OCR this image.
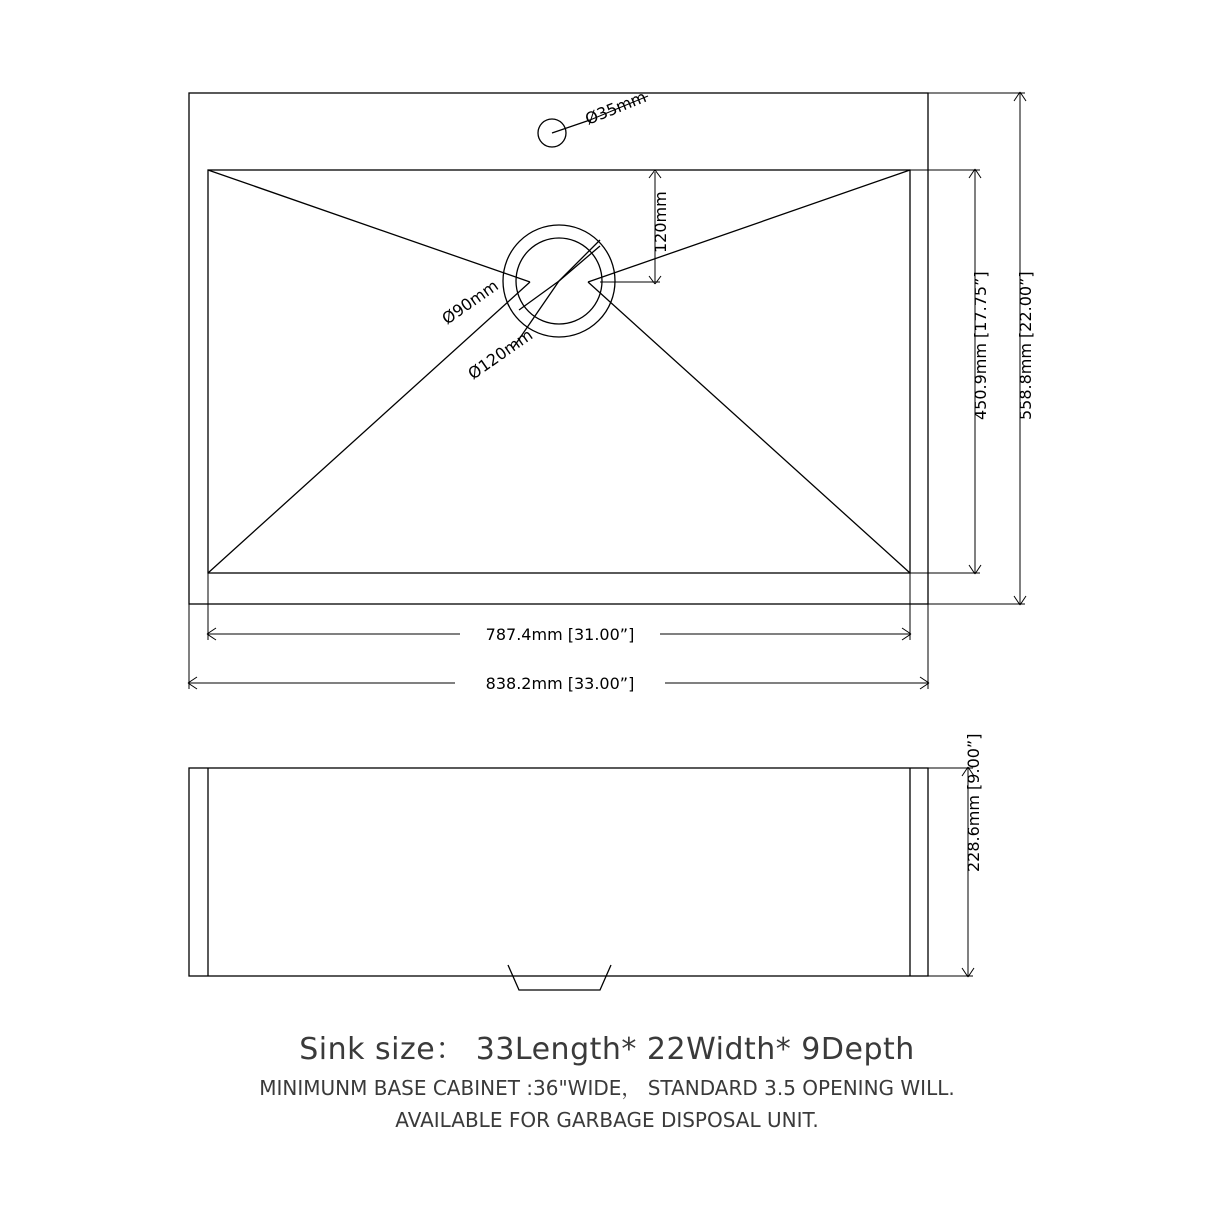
Ø35mm
Ø90mm
Ø120mm
120mm
450.9mm [17.75”] 558.8mm [22.00”]
787.4mm [31.00”]
838.2mm [33.00”]
228.6mm [9.00”]
Sink size： 33Length* 22Width* 9Depth
MINIMUNM BASE CABINET :36"WIDE， STANDARD 3.5 OPENING WILL.
AVAILABLE FOR GARBAGE DISPOSAL UNIT.
